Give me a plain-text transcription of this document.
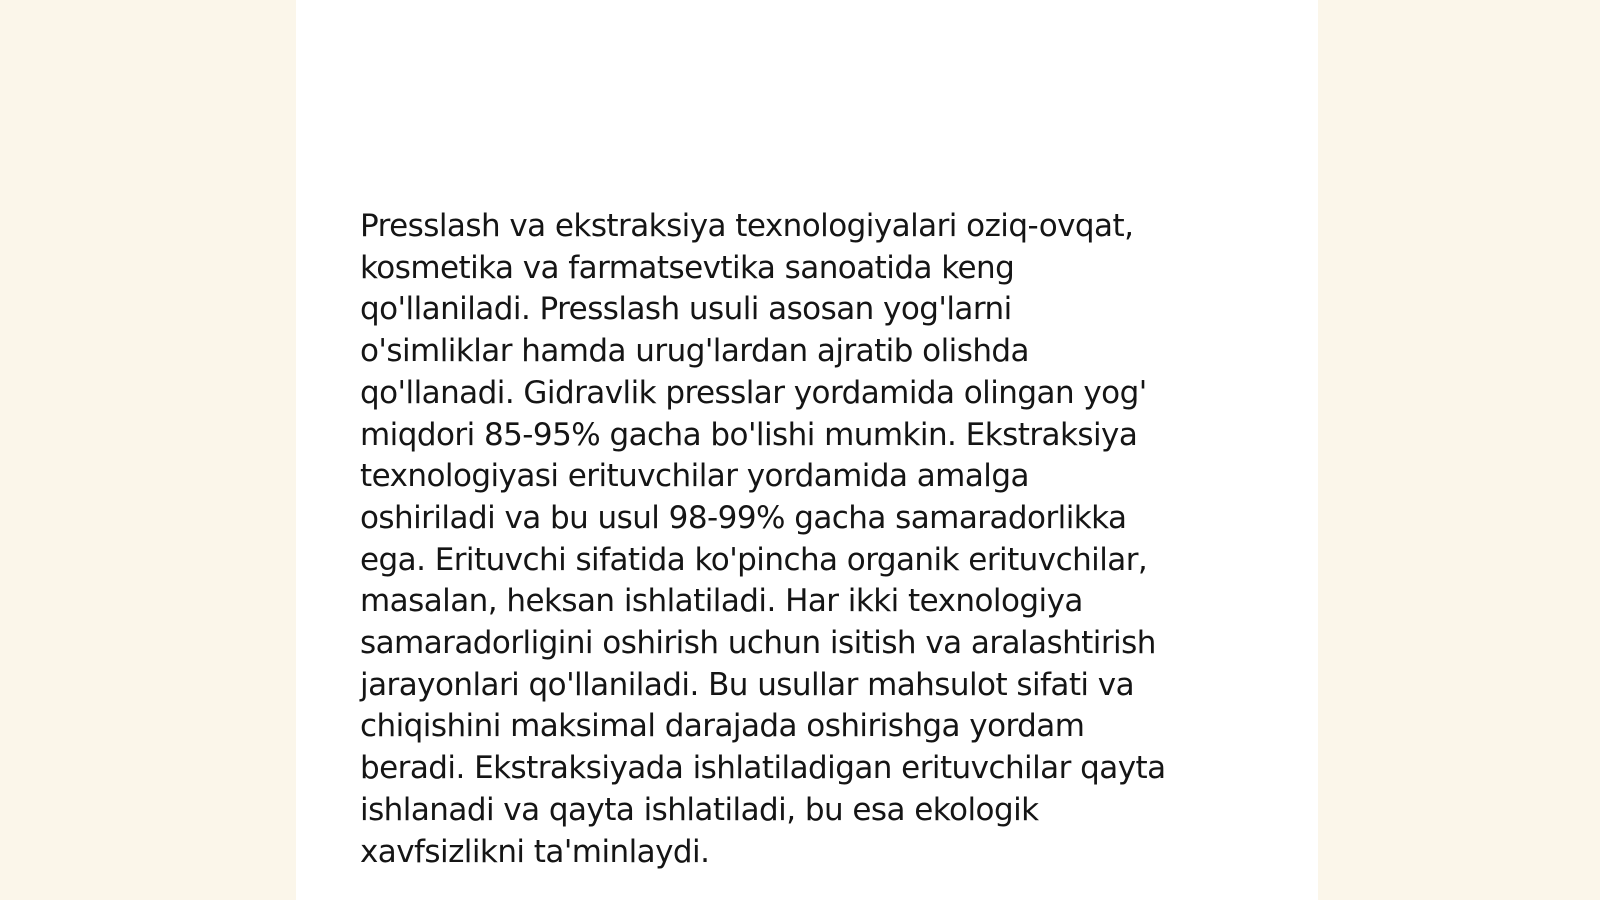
Presslash va ekstraksiya texnologiyalari oziq-ovqat,
kosmetika va farmatsevtika sanoatida keng
qo'llaniladi. Presslash usuli asosan yog'larni
o'simliklar hamda urug'lardan ajratib olishda
qo'llanadi. Gidravlik presslar yordamida olingan yog'
miqdori 85-95% gacha bo'lishi mumkin. Ekstraksiya
texnologiyasi erituvchilar yordamida amalga
oshiriladi va bu usul 98-99% gacha samaradorlikka
ega. Erituvchi sifatida ko'pincha organik erituvchilar,
masalan, heksan ishlatiladi. Har ikki texnologiya
samaradorligini oshirish uchun isitish va aralashtirish
jarayonlari qo'llaniladi. Bu usullar mahsulot sifati va
chiqishini maksimal darajada oshirishga yordam
beradi. Ekstraksiyada ishlatiladigan erituvchilar qayta
ishlanadi va qayta ishlatiladi, bu esa ekologik
xavfsizlikni ta'minlaydi.
